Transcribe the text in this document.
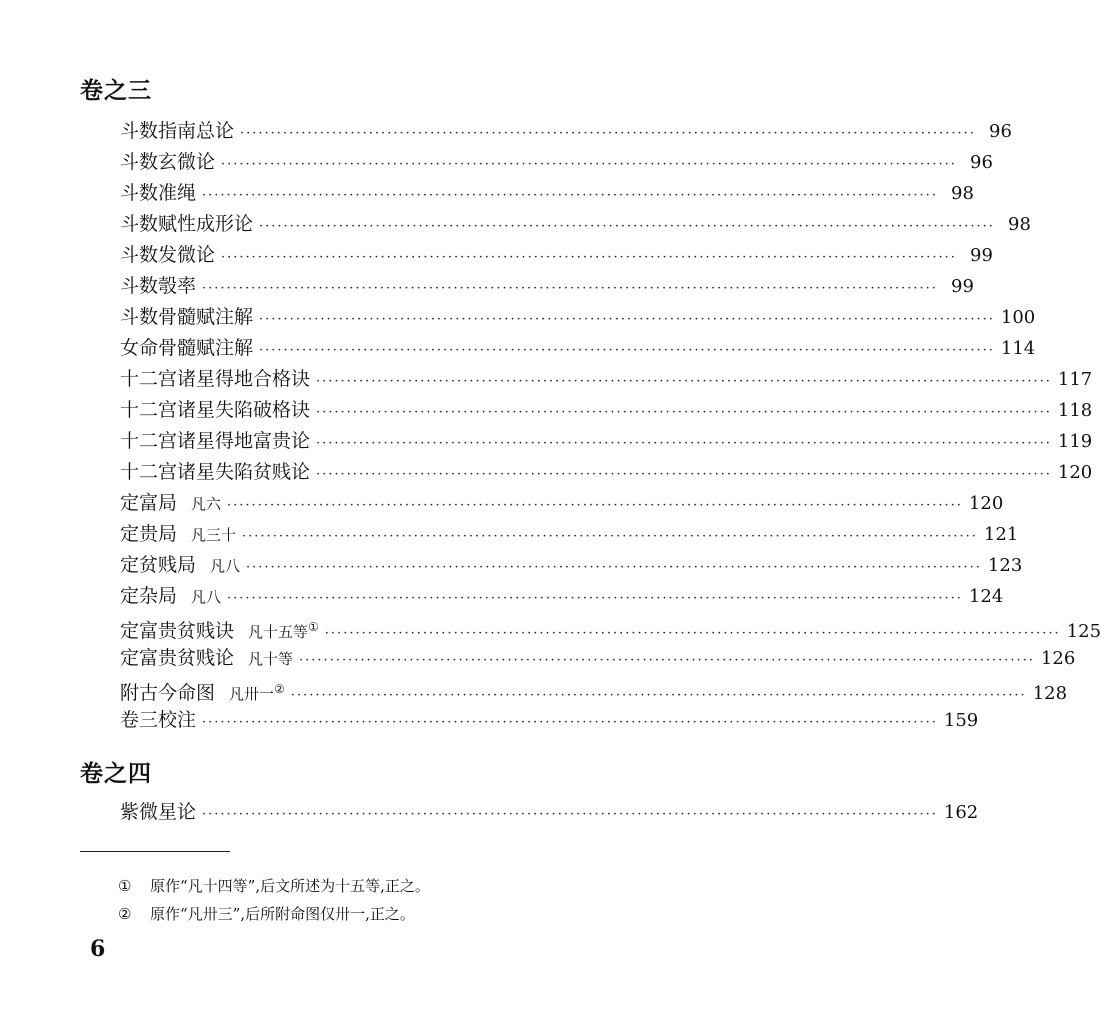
卷之三
斗数指南总论 ························································································································ 96
斗数玄微论 ························································································································ 96
斗数准绳 ························································································································ 98
斗数赋性成形论 ························································································································ 98
斗数发微论 ························································································································ 99
斗数彀率 ························································································································ 99
斗数骨髓赋注解 ························································································································ 100
女命骨髓赋注解 ························································································································ 114
十二宫诸星得地合格诀 ························································································································ 117
十二宫诸星失陷破格诀 ························································································································ 118
十二宫诸星得地富贵论 ························································································································ 119
十二宫诸星失陷贫贱论 ························································································································ 120
定富局 凡六 ························································································································ 120
定贵局 凡三十 ························································································································ 121
定贫贱局 凡八 ························································································································ 123
定杂局 凡八 ························································································································ 124
定富贵贫贱诀 凡十五等① ························································································································ 125
定富贵贫贱论 凡十等 ························································································································ 126
附古今命图 凡卅一② ························································································································ 128
卷三校注 ························································································································ 159
卷之四
紫微星论 ························································································································ 162
① 原作“凡十四等”,后文所述为十五等,正之。
② 原作“凡卅三”,后所附命图仅卅一,正之。
6
